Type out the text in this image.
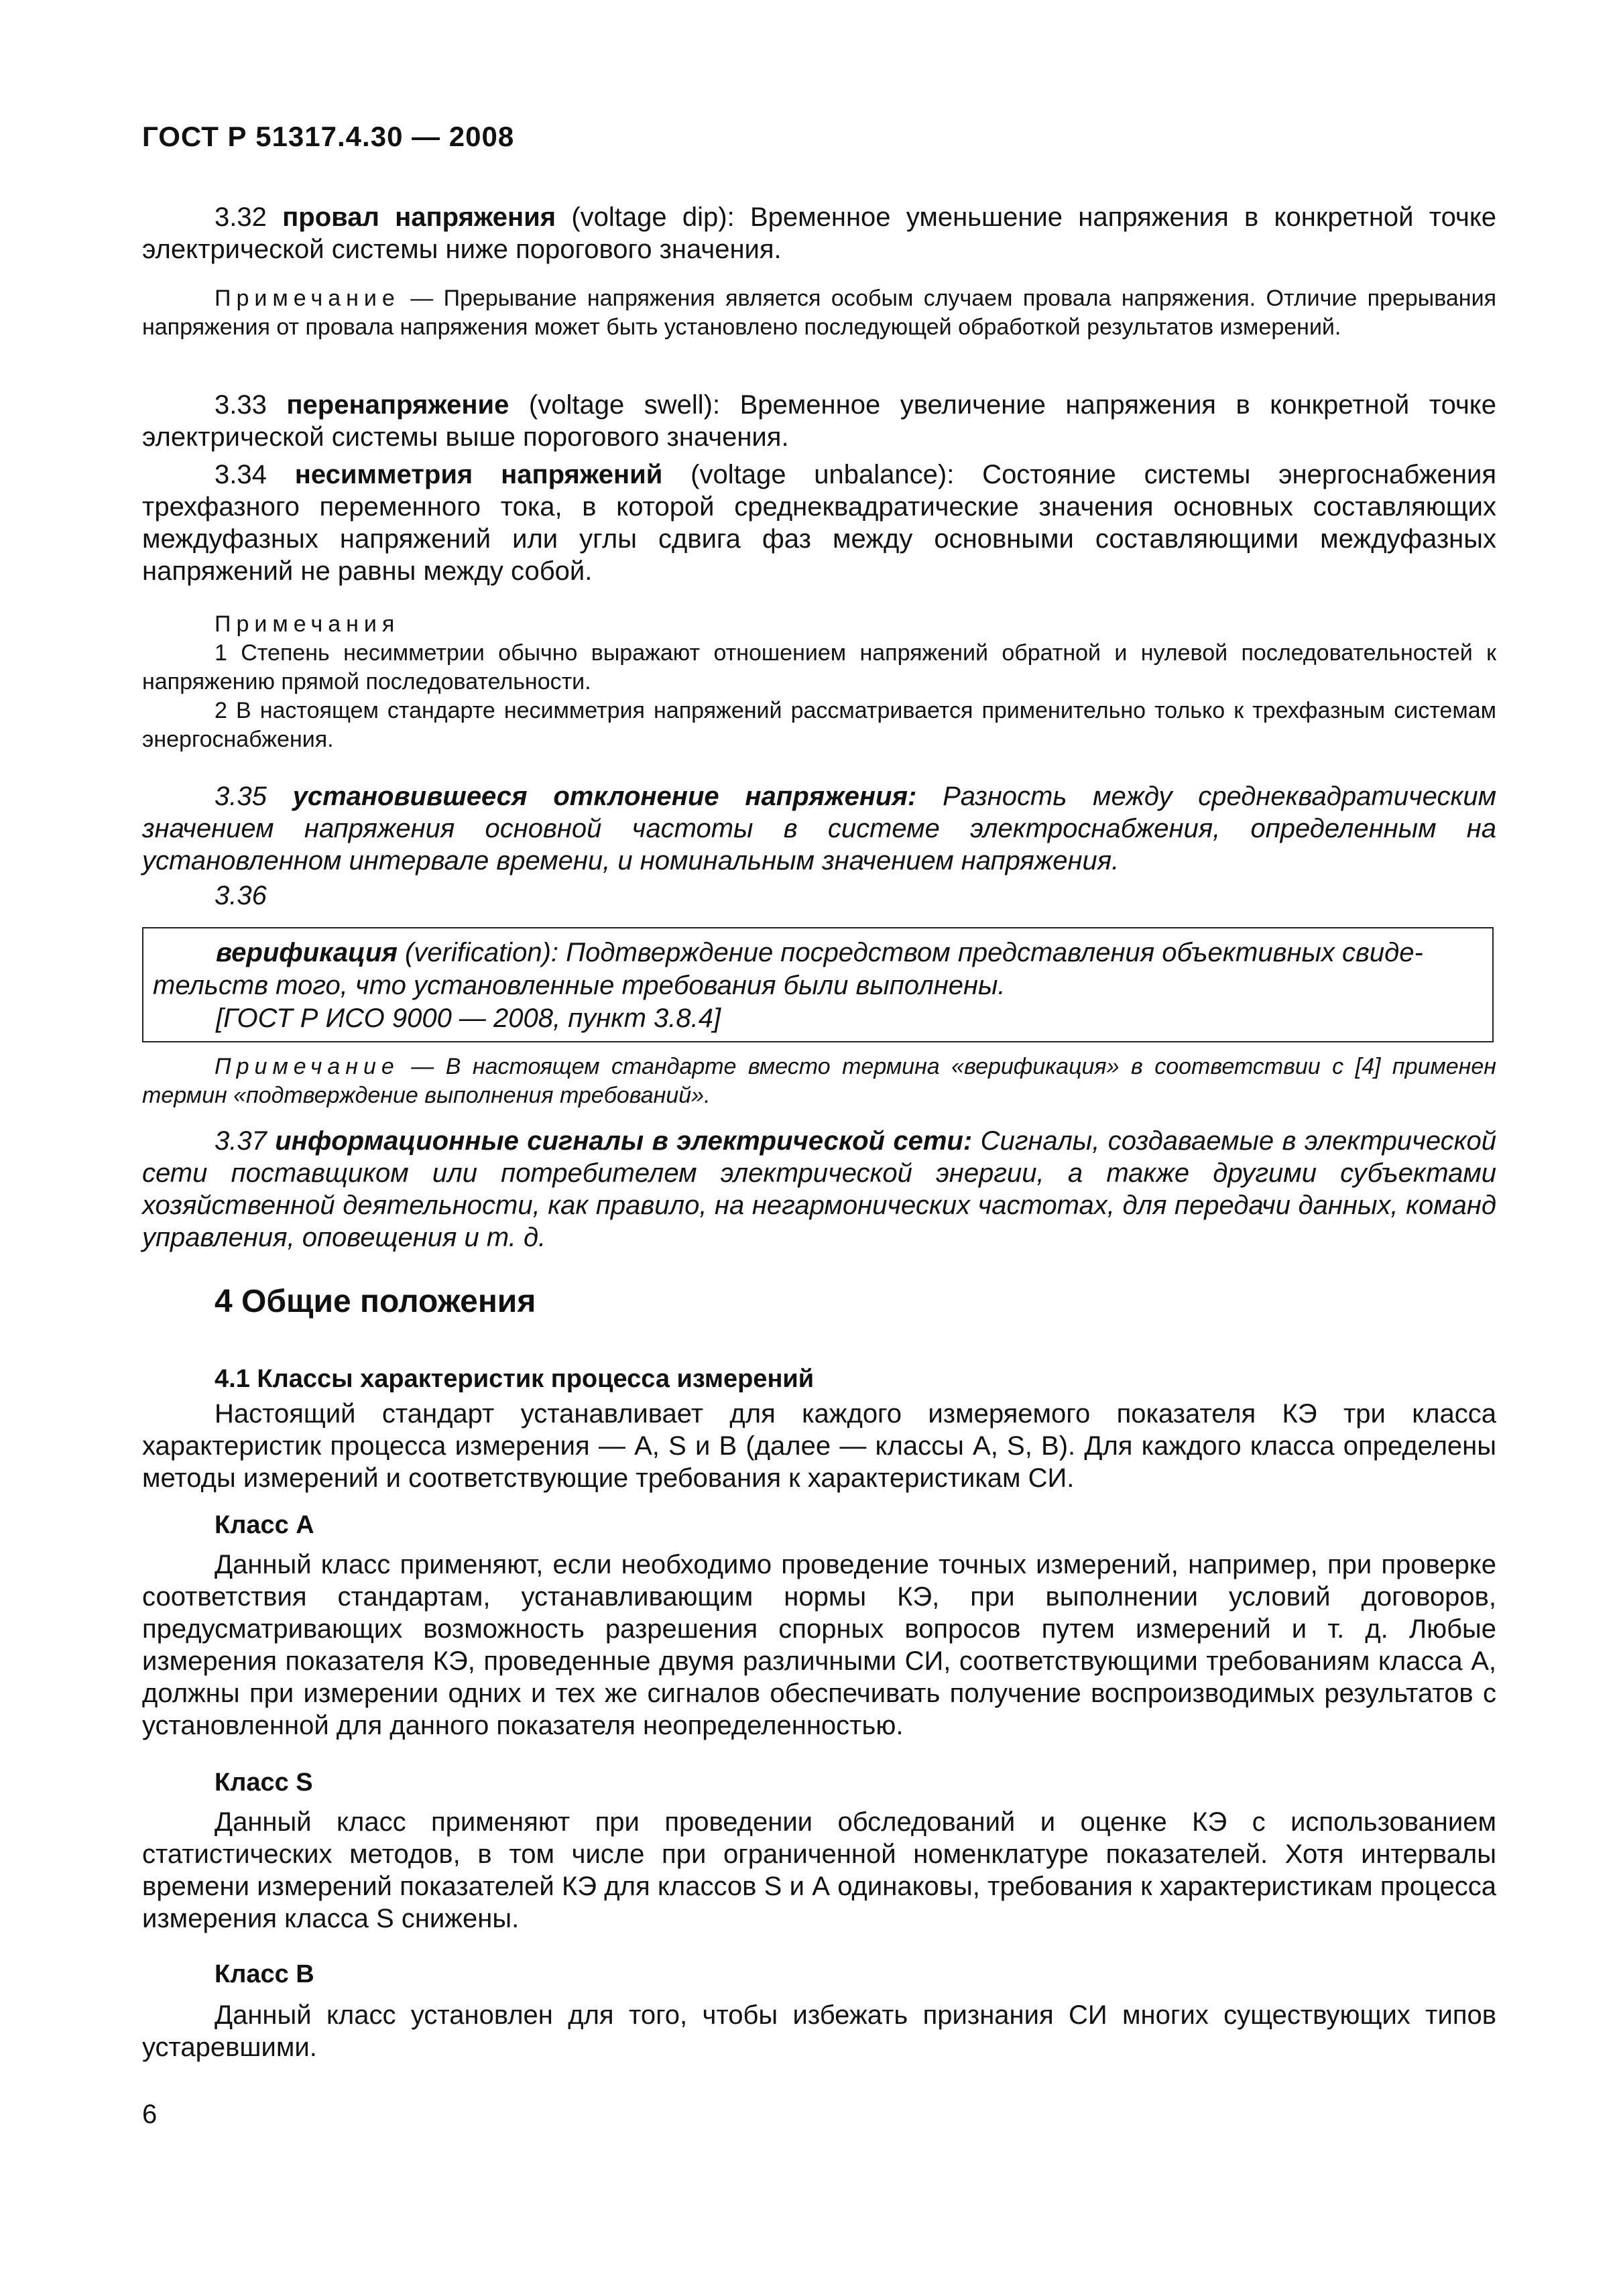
ГОСТ Р 51317.4.30 — 2008
3.32 провал напряжения (voltage dip): Временное уменьшение напряжения в конкретной точке электрической системы ниже порогового значения.
Примечание — Прерывание напряжения является особым случаем провала напряжения. Отличие прерывания напряжения от провала напряжения может быть установлено последующей обработкой результатов измерений.
3.33 перенапряжение (voltage swell): Временное увеличение напряжения в конкретной точке электрической системы выше порогового значения.
3.34 несимметрия напряжений (voltage unbalance): Состояние системы энергоснабжения трехфазного переменного тока, в которой среднеквадратические значения основных составляющих междуфазных напряжений или углы сдвига фаз между основными составляющими междуфазных напряжений не равны между собой.
Примечания
1 Степень несимметрии обычно выражают отношением напряжений обратной и нулевой последовательностей к напряжению прямой последовательности.
2 В настоящем стандарте несимметрия напряжений рассматривается применительно только к трехфазным системам энергоснабжения.
3.35 установившееся отклонение напряжения: Разность между среднеквадратическим значением напряжения основной частоты в системе электроснабжения, определенным на установленном интервале времени, и номинальным значением напряжения.
3.36
верификация (verification): Подтверждение посредством представления объективных свиде-
тельств того, что установленные требования были выполнены.
[ГОСТ Р ИСО 9000 — 2008, пункт 3.8.4]
Примечание — В настоящем стандарте вместо термина «верификация» в соответствии с [4] применен термин «подтверждение выполнения требований».
3.37 информационные сигналы в электрической сети: Сигналы, создаваемые в электрической сети поставщиком или потребителем электрической энергии, а также другими субъектами хозяйственной деятельности, как правило, на негармонических частотах, для передачи данных, команд управления, оповещения и т. д.
4 Общие положения
4.1 Классы характеристик процесса измерений
Настоящий стандарт устанавливает для каждого измеряемого показателя КЭ три класса характеристик процесса измерения — А, S и В (далее — классы А, S, В). Для каждого класса определены методы измерений и соответствующие требования к характеристикам СИ.
Класс А
Данный класс применяют, если необходимо проведение точных измерений, например, при проверке соответствия стандартам, устанавливающим нормы КЭ, при выполнении условий договоров, предусматривающих возможность разрешения спорных вопросов путем измерений и т. д. Любые измерения показателя КЭ, проведенные двумя различными СИ, соответствующими требованиям класса А, должны при измерении одних и тех же сигналов обеспечивать получение воспроизводимых результатов с установленной для данного показателя неопределенностью.
Класс S
Данный класс применяют при проведении обследований и оценке КЭ с использованием статистических методов, в том числе при ограниченной номенклатуре показателей. Хотя интервалы времени измерений показателей КЭ для классов S и А одинаковы, требования к характеристикам процесса измерения класса S снижены.
Класс В
Данный класс установлен для того, чтобы избежать признания СИ многих существующих типов устаревшими.
6
